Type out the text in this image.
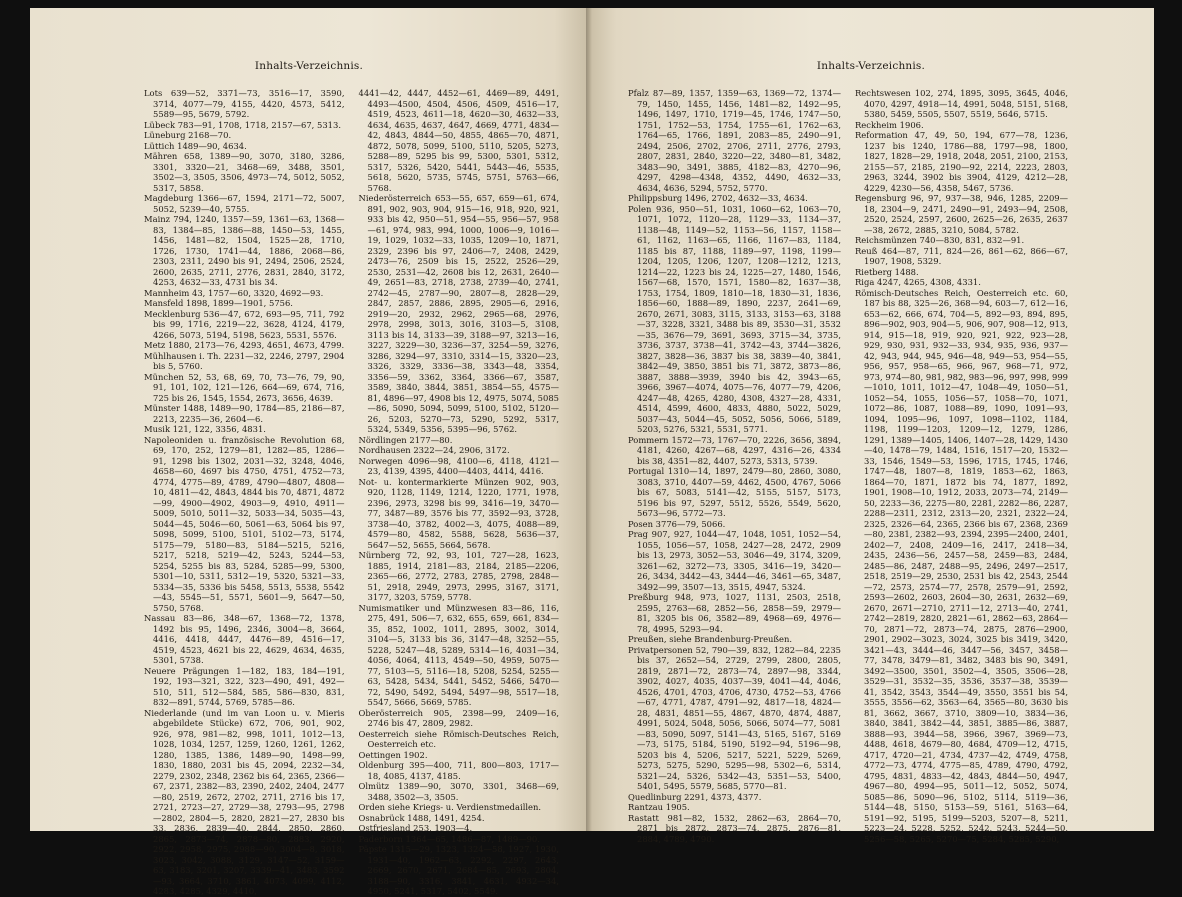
Inhalts-Verzeichnis.

Lots 639—52, 3371—73, 3516—17, 3590, 3714, 4077—79, 4155, 4420, 4573, 5412, 5589—95, 5679, 5792.

Lübeck 783—91, 1708, 1718, 2157—67, 5313.

Lüneburg 2168—70.

Lüttich 1489—90, 4634.

Mähren 658, 1389—90, 3070, 3180, 3286, 3301, 3320—21, 3468—69, 3488, 3501, 3502—3, 3505, 3506, 4973—74, 5012, 5052, 5317, 5858.

Magdeburg 1366—67, 1594, 2171—72, 5007, 5052, 5239—40, 5755.

Mainz 794, 1240, 1357—59, 1361—63, 1368—83, 1384—85, 1386—88, 1450—53, 1455, 1456, 1481—82, 1504, 1525—28, 1710, 1726, 1730, 1741—44, 1886, 2068—86, 2303, 2311, 2490 bis 91, 2494, 2506, 2524, 2600, 2635, 2711, 2776, 2831, 2840, 3172, 4253, 4632—33, 4731 bis 34.

Mannheim 43, 1757—60, 3320, 4692—93.

Mansfeld 1898, 1899—1901, 5756.

Mecklenburg 536—47, 672, 693—95, 711, 792 bis 99, 1716, 2219—22, 3628, 4124, 4179, 4266, 5073, 5194, 5198, 5623, 5531, 5576.

Metz 1880, 2173—76, 4293, 4651, 4673, 4799.

Mühlhausen i. Th. 2231—32, 2246, 2797, 2904 bis 5, 5760.

München 52, 53, 68, 69, 70, 73—76, 79, 90, 91, 101, 102, 121—126, 664—69, 674, 716, 725 bis 26, 1545, 1554, 2673, 3656, 4639.

Münster 1488, 1489—90, 1784—85, 2186—87, 2213, 2235—36, 2604—6.

Musik 121, 122, 3356, 4831.

Napoleoniden u. französische Revolution 68, 69, 170, 252, 1279—81, 1282—85, 1286—91, 1298 bis 1302, 2031—32, 3248, 4046, 4658—60, 4697 bis 4750, 4751, 4752—73, 4774, 4775—89, 4789, 4790—4807, 4808—10, 4811—42, 4843, 4844 bis 70, 4871, 4872—99, 4900—4902, 4903—9, 4910, 4911—5009, 5010, 5011—32, 5033—34, 5035—43, 5044—45, 5046—60, 5061—63, 5064 bis 97, 5098, 5099, 5100, 5101, 5102—73, 5174, 5175—79, 5180—83, 5184—5215, 5216, 5217, 5218, 5219—42, 5243, 5244—53, 5254, 5255 bis 83, 5284, 5285—99, 5300, 5301—10, 5311, 5312—19, 5320, 5321—33, 5334—35, 5336 bis 5458, 5513, 5538, 5542—43, 5545—51, 5571, 5601—9, 5647—50, 5750, 5768.

Nassau 83—86, 348—67, 1368—72, 1378, 1492 bis 95, 1496, 2346, 3004—8, 3664, 4416, 4418, 4447, 4476—89, 4516—17, 4519, 4523, 4621 bis 22, 4629, 4634, 4635, 5301, 5738.

Neuere Prägungen 1—182, 183, 184—191, 192, 193—321, 322, 323—490, 491, 492—510, 511, 512—584, 585, 586—830, 831, 832—891, 5744, 5769, 5785—86.

Niederlande (und im van Loon u. v. Mieris abgebildete Stücke) 672, 706, 901, 902, 926, 978, 981—82, 998, 1011, 1012—13, 1028, 1034, 1257, 1259, 1260, 1261, 1262, 1280, 1385, 1386, 1489—90, 1498—99, 1830, 1880, 2031 bis 45, 2094, 2232—34, 2279, 2302, 2348, 2362 bis 64, 2365, 2366—67, 2371, 2382—83, 2390, 2402, 2404, 2477—80, 2519, 2672, 2702, 2711, 2716 bis 17, 2721, 2723—27, 2729—38, 2793—95, 2798—2802, 2804—5, 2820, 2821—27, 2830 bis 33, 2836, 2839—40, 2844, 2850, 2860, 2865, 2873—74, 2878—80, 2883, 2920, 2922, 2958, 2975, 2988—90, 3004—8, 3018, 3023, 3042, 3088, 3129, 3147—52, 3159—63, 3183, 3201, 3207, 3339—41, 3483, 3592—93, 3664, 3710, 3861, 4073, 4099, 4112, 4283, 4285, 4329, 4410,

4441—42, 4447, 4452—61, 4469—89, 4491, 4493—4500, 4504, 4506, 4509, 4516—17, 4519, 4523, 4611—18, 4620—30, 4632—33, 4634, 4635, 4637, 4647, 4669, 4771, 4834—42, 4843, 4844—50, 4855, 4865—70, 4871, 4872, 5078, 5099, 5100, 5110, 5205, 5273, 5288—89, 5295 bis 99, 5300, 5301, 5312, 5317, 5326, 5420, 5441, 5443—46, 5535, 5618, 5620, 5735, 5745, 5751, 5763—66, 5768.

Niederösterreich 653—55, 657, 659—61, 674, 891, 902, 903, 904, 915—16, 918, 920, 921, 933 bis 42, 950—51, 954—55, 956—57, 958—61, 974, 983, 994, 1000, 1006—9, 1016—19, 1029, 1032—33, 1035, 1209—10, 1871, 2329, 2396 bis 97, 2406—7, 2408, 2429, 2473—76, 2509 bis 15, 2522, 2526—29, 2530, 2531—42, 2608 bis 12, 2631, 2640—49, 2651—83, 2718, 2738, 2739—40, 2741, 2742—45, 2787—90, 2807—8, 2828—29, 2847, 2857, 2886, 2895, 2905—6, 2916, 2919—20, 2932, 2962, 2965—68, 2976, 2978, 2998, 3013, 3016, 3103—5, 3108, 3113 bis 14, 3133—39, 3188—97, 3213—16, 3227, 3229—30, 3236—37, 3254—59, 3276, 3286, 3294—97, 3310, 3314—15, 3320—23, 3326, 3329, 3336—38, 3343—48, 3354, 3356—59, 3362, 3364, 3366—67, 3587, 3589, 3840, 3844, 3851, 3854—55, 4575—81, 4896—97, 4908 bis 12, 4975, 5074, 5085—86, 5090, 5094, 5099, 5100, 5102, 5120—26, 5203, 5270—73, 5290, 5292, 5317, 5324, 5349, 5356, 5395—96, 5762.

Nördlingen 2177—80.

Nordhausen 2322—24, 2906, 3172.

Norwegen 4096—98, 4100—6, 4118, 4121—23, 4139, 4395, 4400—4403, 4414, 4416.

Not- u. kontermarkierte Münzen 902, 903, 920, 1128, 1149, 1214, 1220, 1771, 1978, 2396, 2973, 3298 bis 99, 3416—19, 3470—77, 3487—89, 3576 bis 77, 3592—93, 3728, 3738—40, 3782, 4002—3, 4075, 4088—89, 4579—80, 4582, 5588, 5628, 5636—37, 5647—52, 5655, 5664, 5678.

Nürnberg 72, 92, 93, 101, 727—28, 1623, 1885, 1914, 2181—83, 2184, 2185—2206, 2365—66, 2772, 2783, 2785, 2798, 2848—51, 2918, 2949, 2973, 2995, 3167, 3171, 3177, 3203, 5759, 5778.

Numismatiker und Münzwesen 83—86, 116, 275, 491, 506—7, 632, 655, 659, 661, 834—35, 852, 1002, 1011, 2895, 3002, 3014, 3104—5, 3133 bis 36, 3147—48, 3252—55, 5228, 5247—48, 5289, 5314—16, 4031—34, 4056, 4064, 4113, 4549—50, 4959, 5075—77, 5103—5, 5116—18, 5208, 5254, 5255—63, 5428, 5434, 5441, 5452, 5466, 5470—72, 5490, 5492, 5494, 5497—98, 5517—18, 5547, 5666, 5669, 5785.

Oberösterreich 905, 2398—99, 2409—16, 2746 bis 47, 2809, 2982.

Oesterreich siehe Römisch-Deutsches Reich, Oesterreich etc.

Oettingen 1902.

Oldenburg 395—400, 711, 800—803, 1717—18, 4085, 4137, 4185.

Olmütz 1389—90, 3070, 3301, 3468—69, 3488, 3502—3, 3505.

Orden siehe Kriegs- u. Verdienstmedaillen.

Osnabrück 1488, 1491, 4254.

Ostfriesland 253, 1903—4.

Paderborn 1364—65, 1486—87, 1489—90.

Päpste 1315—29, 1323, 1324—58, 1927, 1930, 1931—40, 1962—63, 2292, 2297, 2643, 2669, 2670, 2671, 2684—85, 2693, 2804, 3188—90, 3316, 3841, 4631, 4932—34, 4950, 5241, 5317, 5402, 5549.

Inhalts-Verzeichnis.

Pfalz 87—89, 1357, 1359—63, 1369—72, 1374—79, 1450, 1455, 1456, 1481—82, 1492—95, 1496, 1497, 1710, 1719—45, 1746, 1747—50, 1751, 1752—53, 1754, 1755—61, 1762—63, 1764—65, 1766, 1891, 2083—85, 2490—91, 2494, 2506, 2702, 2706, 2711, 2776, 2793, 2807, 2831, 2840, 3220—22, 3480—81, 3482, 3483—90, 3491, 3885, 4182—83, 4270—96, 4297, 4298—4348, 4352, 4490, 4632—33, 4634, 4636, 5294, 5752, 5770.

Philippsburg 1496, 2702, 4632—33, 4634.

Polen 936, 950—51, 1031, 1060—62, 1063—70, 1071, 1072, 1120—28, 1129—33, 1134—37, 1138—48, 1149—52, 1153—56, 1157, 1158—61, 1162, 1163—65, 1166, 1167—83, 1184, 1185 bis 87, 1188, 1189—97, 1198, 1199—1204, 1205, 1206, 1207, 1208—1212, 1213, 1214—22, 1223 bis 24, 1225—27, 1480, 1546, 1567—68, 1570, 1571, 1580—82, 1637—38, 1753, 1754, 1809, 1810—18, 1830—31, 1836, 1856—60, 1888—89, 1890, 2237, 2641—69, 2670, 2671, 3083, 3115, 3133, 3153—63, 3188—37, 3228, 3321, 3488 bis 89, 3530—31, 3532—35, 3676—79, 3691, 3693, 3715—34, 3735, 3736, 3737, 3738—41, 3742—43, 3744—3826, 3827, 3828—36, 3837 bis 38, 3839—40, 3841, 3842—49, 3850, 3851 bis 71, 3872, 3873—86, 3887, 3888—3939, 3940 bis 42, 3943—65, 3966, 3967—4074, 4075—76, 4077—79, 4206, 4247—48, 4265, 4280, 4308, 4327—28, 4331, 4514, 4599, 4600, 4833, 4880, 5022, 5029, 5037—43, 5044—45, 5052, 5056, 5066, 5189, 5203, 5276, 5321, 5531, 5771.

Pommern 1572—73, 1767—70, 2226, 3656, 3894, 4181, 4260, 4267—68, 4297, 4316—26, 4334 bis 38, 4351—82, 4407, 5273, 5313, 5739.

Portugal 1310—14, 1897, 2479—80, 2860, 3080, 3083, 3710, 4407—59, 4462, 4500, 4767, 5066 bis 67, 5083, 5141—42, 5155, 5157, 5173, 5196 bis 97, 5297, 5512, 5526, 5549, 5620, 5673—96, 5772—73.

Posen 3776—79, 5066.

Prag 907, 927, 1044—47, 1048, 1051, 1052—54, 1055, 1056—57, 1058, 2427—28, 2472, 2909 bis 13, 2973, 3052—53, 3046—49, 3174, 3209, 3261—62, 3272—73, 3305, 3416—19, 3420—26, 3434, 3442—43, 3444—46, 3461—65, 3487, 3492—99, 3507—13, 3515, 4947, 5324.

Preßburg 948, 973, 1027, 1131, 2503, 2518, 2595, 2763—68, 2852—56, 2858—59, 2979—81, 3205 bis 06, 3582—89, 4968—69, 4976—78, 4995, 5293—94.

Preußen, siehe Brandenburg-Preußen.

Privatpersonen 52, 790—39, 832, 1282—84, 2235 bis 37, 2652—54, 2729, 2799, 2800, 2805, 2819, 2871—72, 2873—74, 2897—98, 3344, 3902, 4027, 4035, 4037—39, 4041—44, 4046, 4526, 4701, 4703, 4706, 4730, 4752—53, 4766—67, 4771, 4787, 4791—92, 4817—18, 4824—28, 4831, 4851—55, 4867, 4870, 4874, 4887, 4991, 5024, 5048, 5056, 5066, 5074—77, 5081—83, 5090, 5097, 5141—43, 5165, 5167, 5169—73, 5175, 5184, 5190, 5192—94, 5196—98, 5203 bis 4, 5206, 5217, 5221, 5229, 5269, 5273, 5275, 5290, 5295—98, 5302—6, 5314, 5321—24, 5326, 5342—43, 5351—53, 5400, 5401, 5495, 5579, 5685, 5770—81.

Quedlinburg 2291, 4373, 4377.

Rantzau 1905.

Rastatt 981—82, 1532, 2862—63, 2864—70, 2871 bis 2872, 2873—74, 2875, 2876—81, 2884, 4789, 4790.

Rechtswesen 102, 274, 1895, 3095, 3645, 4046, 4070, 4297, 4918—14, 4991, 5048, 5151, 5168, 5380, 5459, 5505, 5507, 5519, 5646, 5715.

Reckheim 1906.

Reformation 47, 49, 50, 194, 677—78, 1236, 1237 bis 1240, 1786—88, 1797—98, 1800, 1827, 1828—29, 1918, 2048, 2051, 2100, 2153, 2155—57, 2185, 2190—92, 2214, 2223, 2803, 2963, 3244, 3902 bis 3904, 4129, 4212—28, 4229, 4230—56, 4358, 5467, 5736.

Regensburg 96, 97, 937—38, 946, 1285, 2209—18, 2304—9, 2471, 2490—91, 2493—94, 2508, 2520, 2524, 2597, 2600, 2625—26, 2635, 2637—38, 2672, 2885, 3210, 5084, 5782.

Reichsmünzen 740—830, 831, 832—91.

Reuß 464—87, 711, 824—26, 861—62, 866—67, 1907, 1908, 5329.

Rietberg 1488.

Riga 4247, 4265, 4308, 4331.

Römisch-Deutsches Reich, Oesterreich etc. 60, 187 bis 88, 325—26, 368—94, 603—7, 612—16, 653—62, 666, 674, 704—5, 892—93, 894, 895, 896—902, 903, 904—5, 906, 907, 908—12, 913, 914, 915—18, 919, 920, 921, 922, 923—28, 929, 930, 931, 932—33, 934, 935, 936, 937—42, 943, 944, 945, 946—48, 949—53, 954—55, 956, 957, 958—65, 966, 967, 968—71, 972, 973, 974—80, 981, 982, 983—96, 997, 998, 999—1010, 1011, 1012—47, 1048—49, 1050—51, 1052—54, 1055, 1056—57, 1058—70, 1071, 1072—86, 1087, 1088—89, 1090, 1091—93, 1094, 1095—96, 1097, 1098—1102, 1184, 1198, 1199—1203, 1209—12, 1279, 1286, 1291, 1389—1405, 1406, 1407—28, 1429, 1430—40, 1478—79, 1484, 1516, 1517—20, 1532—33, 1546, 1549—53, 1596, 1715, 1745, 1746, 1747—48, 1807—8, 1819, 1853—62, 1863, 1864—70, 1871, 1872 bis 74, 1877, 1892, 1901, 1908—10, 1912, 2033, 2073—74, 2149—50, 2233—36, 2275—80, 2281, 2282—86, 2287, 2288—2311, 2312, 2313—20, 2321, 2322—24, 2325, 2326—64, 2365, 2366 bis 67, 2368, 2369—80, 2381, 2382—93, 2394, 2395—2400, 2401, 2402—7, 2408, 2409—16, 2417, 2418—34, 2435, 2436—56, 2457—58, 2459—83, 2484, 2485—86, 2487, 2488—95, 2496, 2497—2517, 2518, 2519—29, 2530, 2531 bis 42, 2543, 2544—72, 2573, 2574—77, 2578, 2579—91, 2592, 2593—2602, 2603, 2604—30, 2631, 2632—69, 2670, 2671—2710, 2711—12, 2713—40, 2741, 2742—2819, 2820, 2821—61, 2862—63, 2864—70, 2871—72, 2873—74, 2875, 2876—2900, 2901, 2902—3023, 3024, 3025 bis 3419, 3420, 3421—43, 3444—46, 3447—56, 3457, 3458—77, 3478, 3479—81, 3482, 3483 bis 90, 3491, 3492—3500, 3501, 3502—4, 3505, 3506—28, 3529—31, 3532—35, 3536, 3537—38, 3539—41, 3542, 3543, 3544—49, 3550, 3551 bis 54, 3555, 3556—62, 3563—64, 3565—80, 3630 bis 81, 3662, 3667, 3710, 3809—10, 3834—36, 3840, 3841, 3842—44, 3851, 3885—86, 3887, 3888—93, 3944—58, 3966, 3967, 3969—73, 4488, 4618, 4679—80, 4684, 4709—12, 4715, 4717, 4720—21, 4734, 4737—42, 4749, 4758, 4772—73, 4774, 4775—85, 4789, 4790, 4792, 4795, 4831, 4833—42, 4843, 4844—50, 4947, 4967—80, 4994—95, 5011—12, 5052, 5074, 5085—86, 5090—96, 5102, 5114, 5119—36, 5144—48, 5150, 5153—59, 5161, 5163—64, 5191—92, 5195, 5199—5203, 5207—8, 5211, 5223—24, 5228, 5252, 5242, 5243, 5244—50, 5256—58, 5265, 5270—75, 5284, 5285, 5290,
